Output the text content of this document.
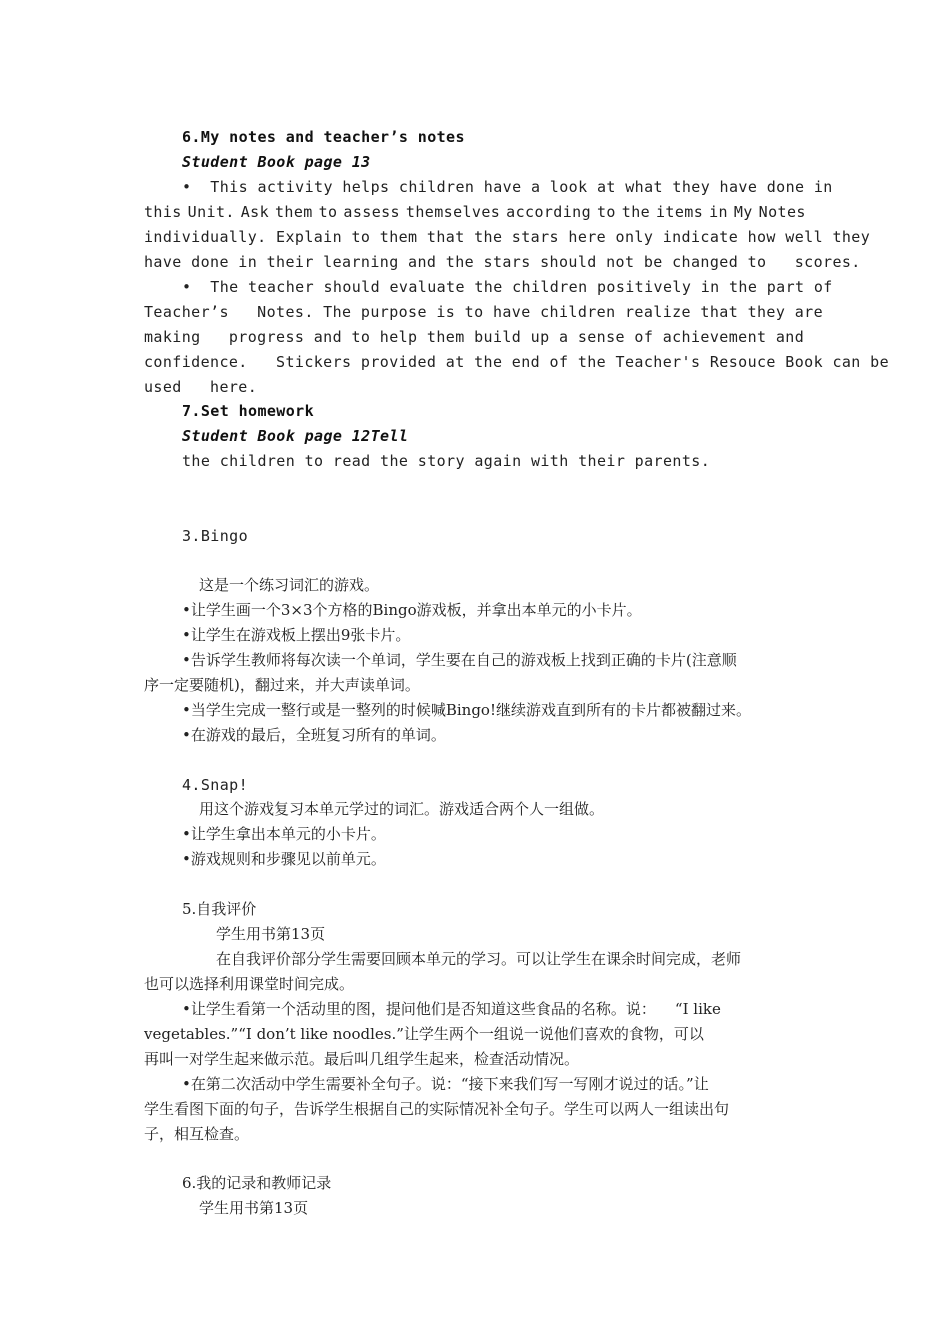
6.My notes and teacher’s notes
Student Book page 13
•  This activity helps children have a look at what they have done in
this Unit. Ask them to assess themselves according to the items in My Notes
individually. Explain to them that the stars here only indicate how well they
have done in their learning and the stars should not be changed to   scores.
•  The teacher should evaluate the children positively in the part of
Teacher’s   Notes. The purpose is to have children realize that they are
making   progress and to help them build up a sense of achievement and
confidence.   Stickers provided at the end of the Teacher's Resouce Book can be
used   here.
7.Set homework
Student Book page 12Tell
the children to read the story again with their parents.
3.Bingo
这是一个练习词汇的游戏。
•让学生画一个3×3个方格的Bingo游戏板，并拿出本单元的小卡片。
•让学生在游戏板上摆出9张卡片。
•告诉学生教师将每次读一个单词，学生要在自己的游戏板上找到正确的卡片(注意顺
序一定要随机)，翻过来，并大声读单词。
•当学生完成一整行或是一整列的时候喊Bingo!继续游戏直到所有的卡片都被翻过来。
•在游戏的最后，全班复习所有的单词。
4.Snap!
用这个游戏复习本单元学过的词汇。游戏适合两个人一组做。
•让学生拿出本单元的小卡片。
•游戏规则和步骤见以前单元。
5.自我评价
学生用书第13页
在自我评价部分学生需要回顾本单元的学习。可以让学生在课余时间完成，老师
也可以选择利用课堂时间完成。
•让学生看第一个活动里的图，提问他们是否知道这些食品的名称。说：    “I like
vegetables.”“I don’t like noodles.”让学生两个一组说一说他们喜欢的食物，可以
再叫一对学生起来做示范。最后叫几组学生起来，检查活动情况。
•在第二次活动中学生需要补全句子。说：“接下来我们写一写刚才说过的话。”让
学生看图下面的句子，告诉学生根据自己的实际情况补全句子。学生可以两人一组读出句
子，相互检查。
6.我的记录和教师记录
学生用书第13页
